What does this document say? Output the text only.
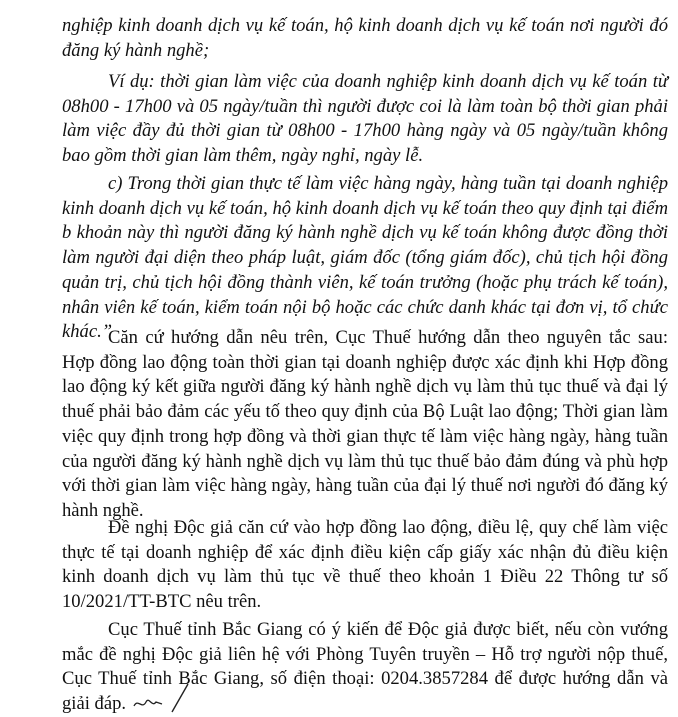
nghiệp kinh doanh dịch vụ kế toán, hộ kinh doanh dịch vụ kế toán nơi người đó đăng ký hành nghề;

Ví dụ: thời gian làm việc của doanh nghiệp kinh doanh dịch vụ kế toán từ 08h00 - 17h00 và 05 ngày/tuần thì người được coi là làm toàn bộ thời gian phải làm việc đầy đủ thời gian từ 08h00 - 17h00 hàng ngày và 05 ngày/tuần không bao gồm thời gian làm thêm, ngày nghỉ, ngày lễ.

c) Trong thời gian thực tế làm việc hàng ngày, hàng tuần tại doanh nghiệp kinh doanh dịch vụ kế toán, hộ kinh doanh dịch vụ kế toán theo quy định tại điểm b khoản này thì người đăng ký hành nghề dịch vụ kế toán không được đồng thời làm người đại diện theo pháp luật, giám đốc (tổng giám đốc), chủ tịch hội đồng quản trị, chủ tịch hội đồng thành viên, kế toán trưởng (hoặc phụ trách kế toán), nhân viên kế toán, kiểm toán nội bộ hoặc các chức danh khác tại đơn vị, tổ chức khác.”

Căn cứ hướng dẫn nêu trên, Cục Thuế hướng dẫn theo nguyên tắc sau: Hợp đồng lao động toàn thời gian tại doanh nghiệp được xác định khi Hợp đồng lao động ký kết giữa người đăng ký hành nghề dịch vụ làm thủ tục thuế và đại lý thuế phải bảo đảm các yếu tố theo quy định của Bộ Luật lao động; Thời gian làm việc quy định trong hợp đồng và thời gian thực tế làm việc hàng ngày, hàng tuần của người đăng ký hành nghề dịch vụ làm thủ tục thuế bảo đảm đúng và phù hợp với thời gian làm việc hàng ngày, hàng tuần của đại lý thuế nơi người đó đăng ký hành nghề.

Đề nghị Độc giả căn cứ vào hợp đồng lao động, điều lệ, quy chế làm việc thực tế tại doanh nghiệp để xác định điều kiện cấp giấy xác nhận đủ điều kiện kinh doanh dịch vụ làm thủ tục về thuế theo khoản 1 Điều 22 Thông tư số 10/2021/TT-BTC nêu trên.

Cục Thuế tỉnh Bắc Giang có ý kiến để Độc giả được biết, nếu còn vướng mắc đề nghị Độc giả liên hệ với Phòng Tuyên truyền – Hỗ trợ người nộp thuế, Cục Thuế tỉnh Bắc Giang, số điện thoại: 0204.3857284 để được hướng dẫn và giải đáp.
